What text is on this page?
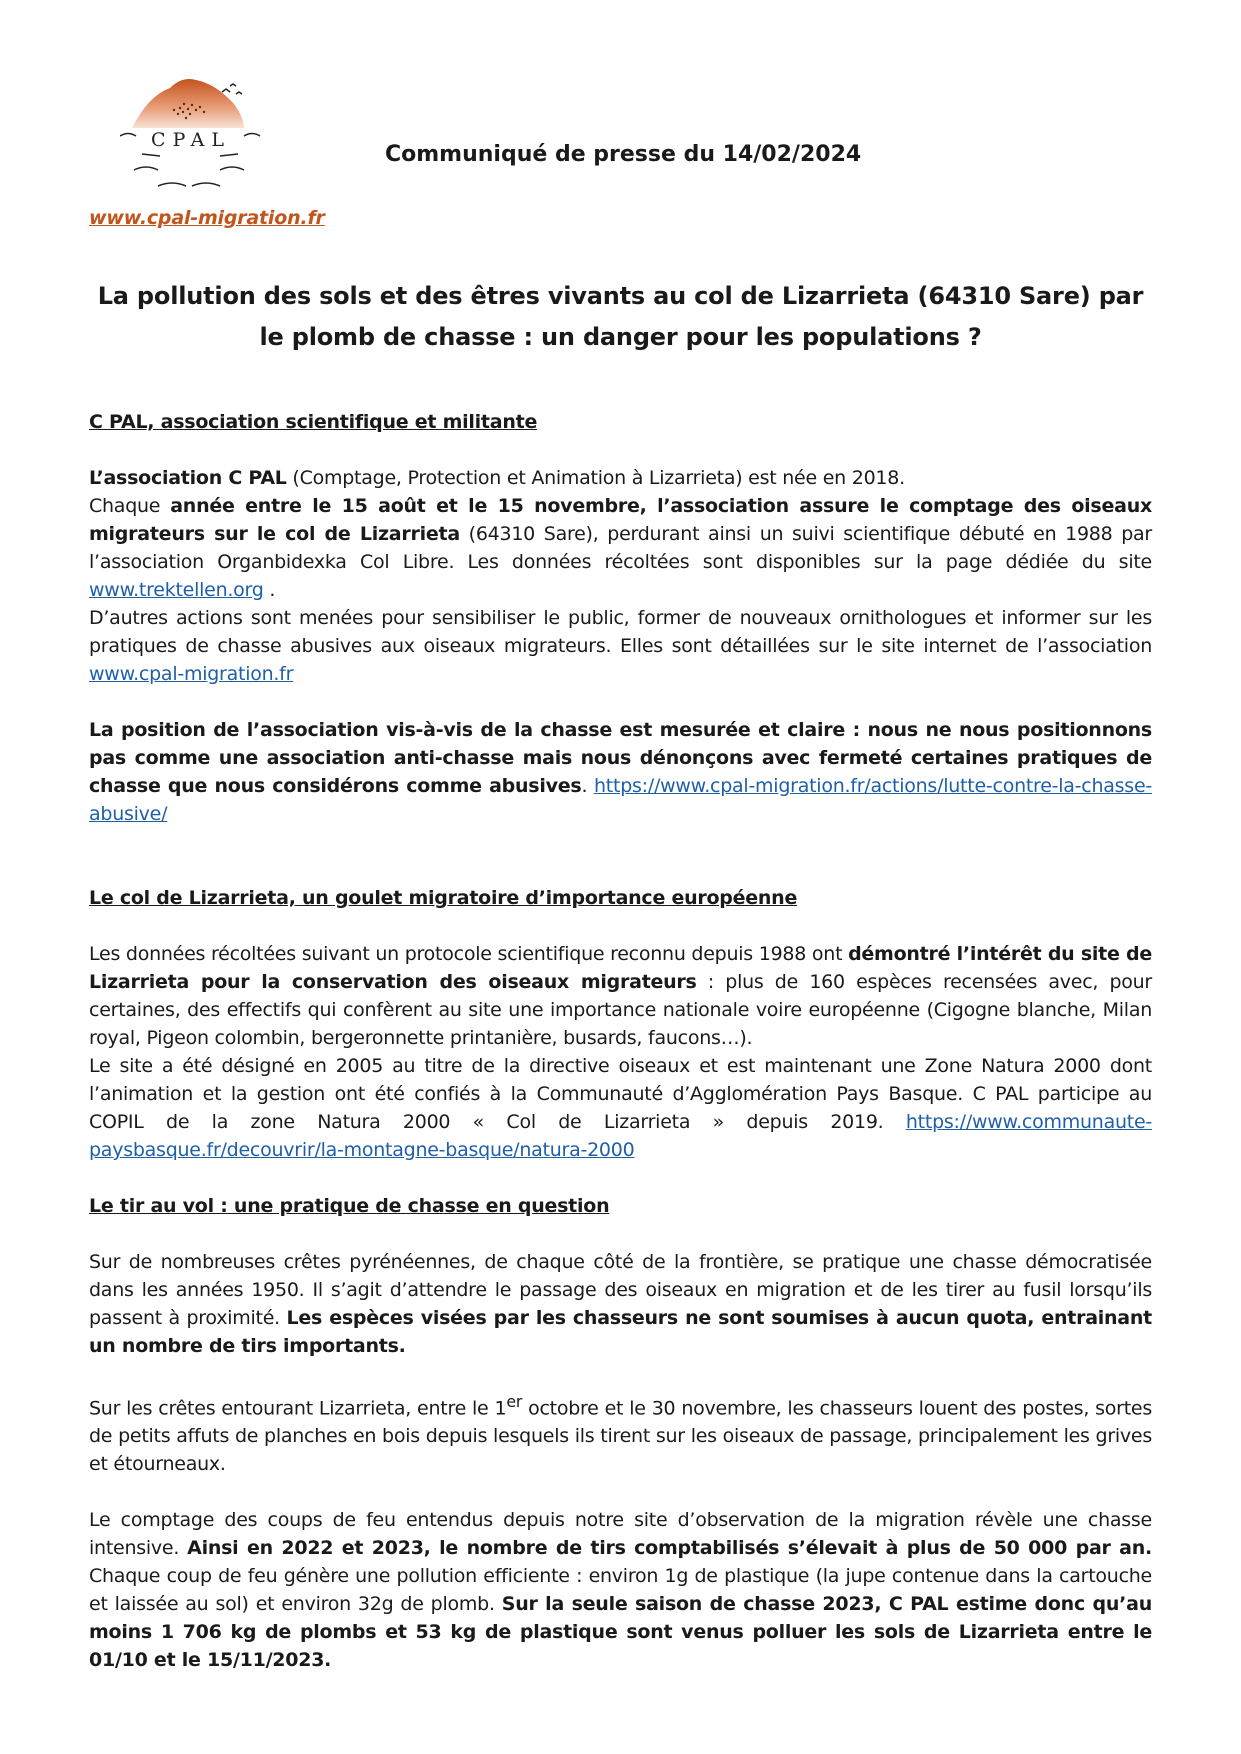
CPAL
www.cpal-migration.fr
Communiqué de presse du 14/02/2024
La pollution des sols et des êtres vivants au col de Lizarrieta (64310 Sare) par le plomb de chasse : un danger pour les populations ?
C PAL, association scientifique et militante

L’association C PAL (Comptage, Protection et Animation à Lizarrieta) est née en 2018.

Chaque année entre le 15 août et le 15 novembre, l’association assure le comptage des oiseaux migrateurs sur le col de Lizarrieta (64310 Sare), perdurant ainsi un suivi scientifique débuté en 1988 par l’association Organbidexka Col Libre. Les données récoltées sont disponibles sur la page dédiée du site www.trektellen.org .

D’autres actions sont menées pour sensibiliser le public, former de nouveaux ornithologues et informer sur les pratiques de chasse abusives aux oiseaux migrateurs. Elles sont détaillées sur le site internet de l’association www.cpal-migration.fr

La position de l’association vis-à-vis de la chasse est mesurée et claire : nous ne nous positionnons pas comme une association anti-chasse mais nous dénonçons avec fermeté certaines pratiques de chasse que nous considérons comme abusives. https://www.cpal-migration.fr/actions/lutte-contre-la-chasse-abusive/

Le col de Lizarrieta, un goulet migratoire d’importance européenne

Les données récoltées suivant un protocole scientifique reconnu depuis 1988 ont démontré l’intérêt du site de Lizarrieta pour la conservation des oiseaux migrateurs : plus de 160 espèces recensées avec, pour certaines, des effectifs qui confèrent au site une importance nationale voire européenne (Cigogne blanche, Milan royal, Pigeon colombin, bergeronnette printanière, busards, faucons…).

Le site a été désigné en 2005 au titre de la directive oiseaux et est maintenant une Zone Natura 2000 dont l’animation et la gestion ont été confiés à la Communauté d’Agglomération Pays Basque. C PAL participe au COPIL de la zone Natura 2000 « Col de Lizarrieta » depuis 2019. https://www.communaute-paysbasque.fr/decouvrir/la-montagne-basque/natura-2000

Le tir au vol : une pratique de chasse en question

Sur de nombreuses crêtes pyrénéennes, de chaque côté de la frontière, se pratique une chasse démocratisée dans les années 1950. Il s’agit d’attendre le passage des oiseaux en migration et de les tirer au fusil lorsqu’ils passent à proximité. Les espèces visées par les chasseurs ne sont soumises à aucun quota, entrainant un nombre de tirs importants.

Sur les crêtes entourant Lizarrieta, entre le 1er octobre et le 30 novembre, les chasseurs louent des postes, sortes de petits affuts de planches en bois depuis lesquels ils tirent sur les oiseaux de passage, principalement les grives et étourneaux.

Le comptage des coups de feu entendus depuis notre site d’observation de la migration révèle une chasse intensive. Ainsi en 2022 et 2023, le nombre de tirs comptabilisés s’élevait à plus de 50 000 par an. Chaque coup de feu génère une pollution efficiente : environ 1g de plastique (la jupe contenue dans la cartouche et laissée au sol) et environ 32g de plomb. Sur la seule saison de chasse 2023, C PAL estime donc qu’au moins 1 706 kg de plombs et 53 kg de plastique sont venus polluer les sols de Lizarrieta entre le 01/10 et le 15/11/2023.
